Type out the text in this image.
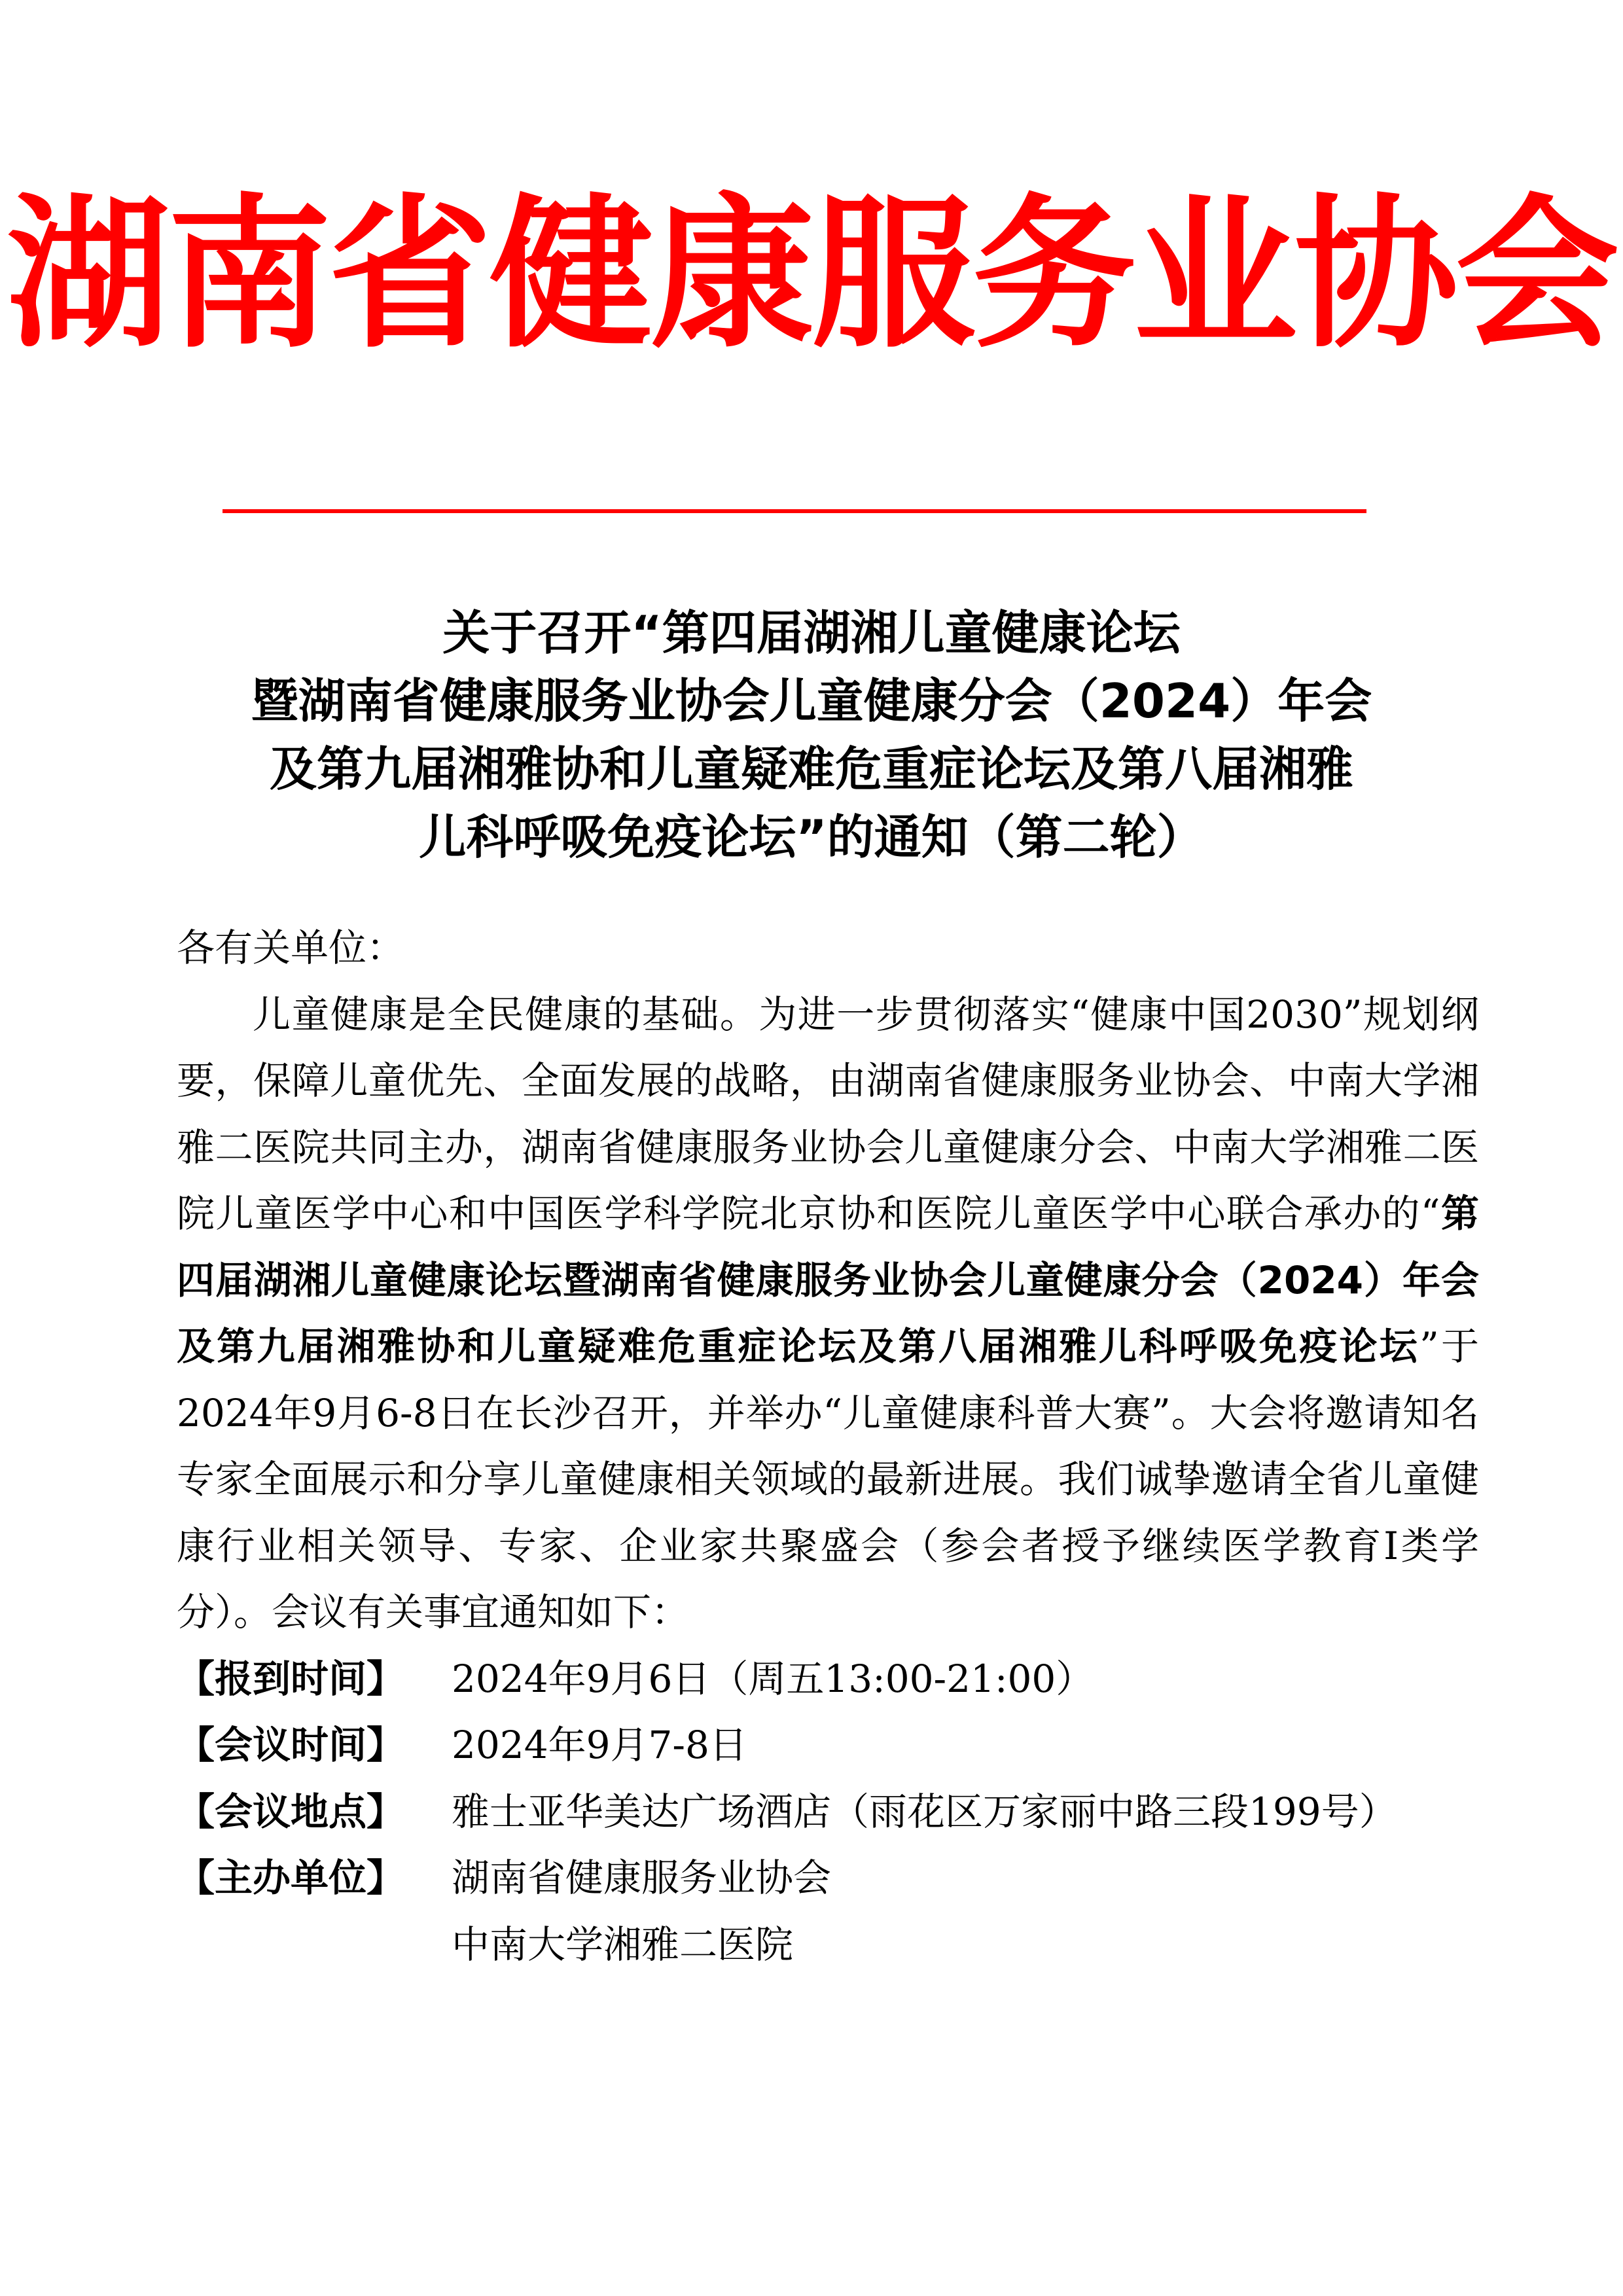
湖南省健康服务业协会
关于召开“第四届湖湘儿童健康论坛
暨湖南省健康服务业协会儿童健康分会（2024）年会
及第九届湘雅协和儿童疑难危重症论坛及第八届湘雅
儿科呼吸免疫论坛”的通知（第二轮）

各有关单位：

儿童健康是全民健康的基础。为进一步贯彻落实“健康中国2030”规划纲要，保障儿童优先、全面发展的战略，由湖南省健康服务业协会、中南大学湘雅二医院共同主办，湖南省健康服务业协会儿童健康分会、中南大学湘雅二医院儿童医学中心和中国医学科学院北京协和医院儿童医学中心联合承办的“第四届湖湘儿童健康论坛暨湖南省健康服务业协会儿童健康分会（2024）年会及第九届湘雅协和儿童疑难危重症论坛及第八届湘雅儿科呼吸免疫论坛”于2024年9月6-8日在长沙召开，并举办“儿童健康科普大赛”。大会将邀请知名专家全面展示和分享儿童健康相关领域的最新进展。我们诚挚邀请全省儿童健康行业相关领导、专家、企业家共聚盛会（参会者授予继续医学教育Ⅰ类学分）。会议有关事宜通知如下：

【报到时间】	2024年9月6日（周五13:00-21:00）
【会议时间】	2024年9月7-8日
【会议地点】	雅士亚华美达广场酒店（雨花区万家丽中路三段199号）
【主办单位】	湖南省健康服务业协会
中南大学湘雅二医院
